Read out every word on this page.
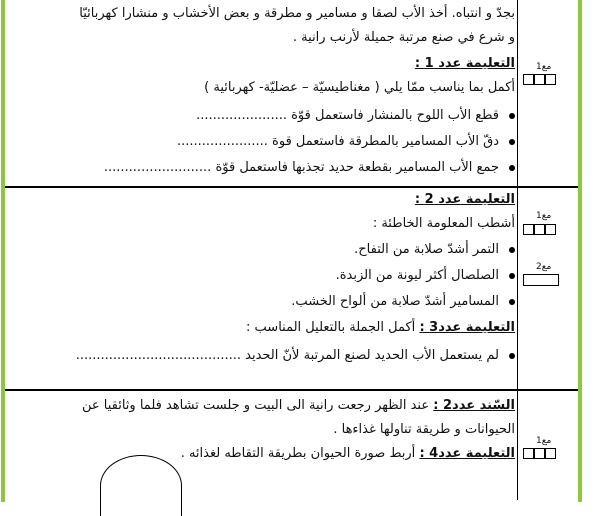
بجدّ و انتباه. أخذ الأب لصقا و مسامير و مطرقة و بعض الأخشاب و منشارا كهربائيّا
و شرع في صنع مرتبة جميلة لأرنب رانية .
التعليمة عدد 1 :
أكمل بما يناسب ممّا يلي ( مغناطيسيّة – عضليّة- كهربائية )
قطع الأب اللوح بالمنشار فاستعمل قوّة ......................
دقّ الأب المسامير بالمطرقة فاستعمل قوة ......................
جمع الأب المسامير بقطعة حديد تجذبها فاستعمل قوّة ..........................
مع1
التعليمة عدد 2 :
أشطب المعلومة الخاطئة :
التمر أشدّ صلابة من التفاح.
الصلصال أكثر ليونة من الزبدة.
المسامير أشدّ صلابة من ألواح الخشب.
مع1
مع2
التعليمة عدد3 : أكمل الجملة بالتعليل المناسب :
لم يستعمل الأب الحديد لصنع المرتبة لأنّ الحديد ........................................
السّند عدد2 : عند الظهر رجعت رانية الى البيت و جلست تشاهد فلما وثائقيا عن
الحيوانات و طريقة تناولها غذاءها .
التعليمة عدد4 : أربط صورة الحيوان بطريقة التقاطه لغذائه .
مع1
